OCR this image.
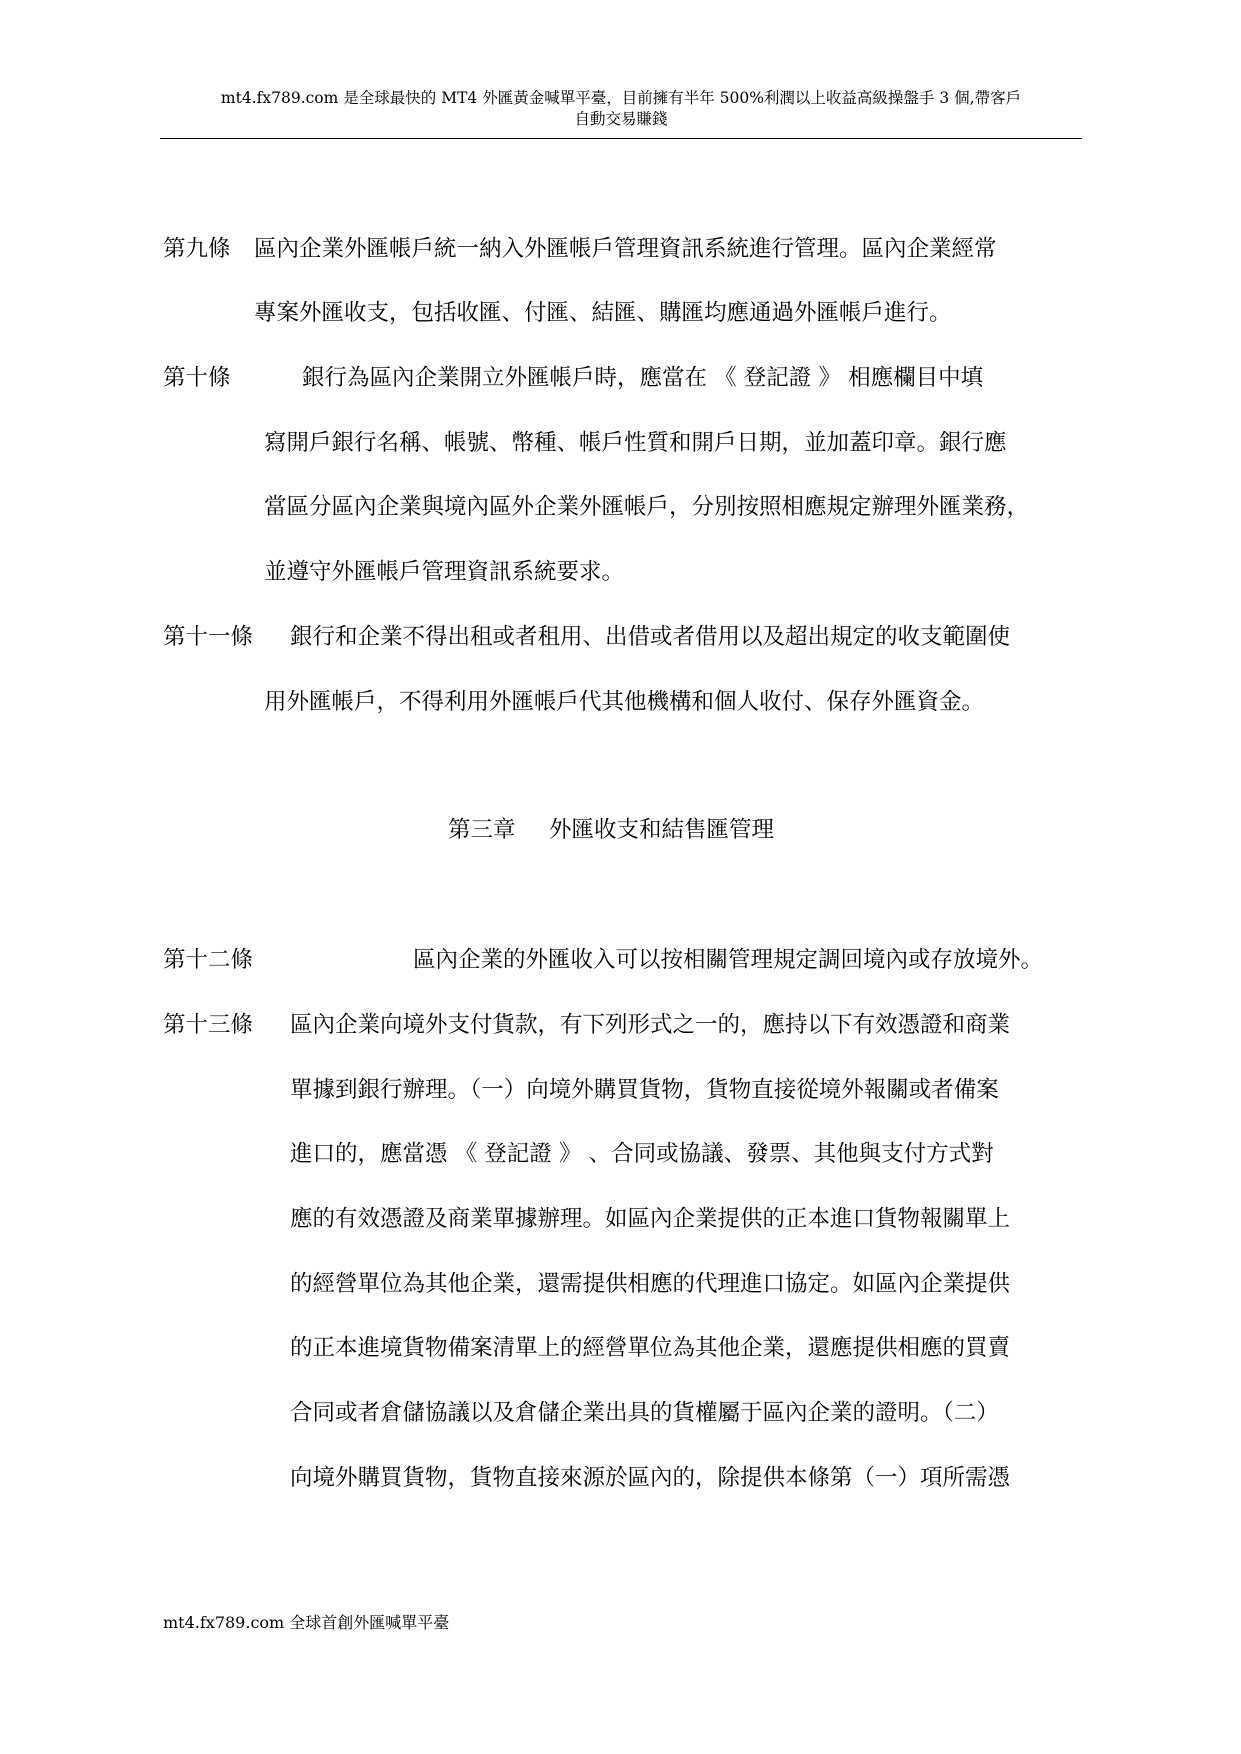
mt4.fx789.com 是全球最快的 MT4 外匯黃金喊單平臺，目前擁有半年 500%利潤以上收益高級操盤手 3 個,帶客戶
自動交易賺錢
第九條 區內企業外匯帳戶統一納入外匯帳戶管理資訊系統進行管理。區內企業經常
專案外匯收支，包括收匯、付匯、結匯、購匯均應通過外匯帳戶進行。
第十條	銀行為區內企業開立外匯帳戶時，應當在 《 登記證 》 相應欄目中填
寫開戶銀行名稱、帳號、幣種、帳戶性質和開戶日期，並加蓋印章。銀行應
當區分區內企業與境內區外企業外匯帳戶，分別按照相應規定辦理外匯業務，
並遵守外匯帳戶管理資訊系統要求。
第十一條 銀行和企業不得出租或者租用、出借或者借用以及超出規定的收支範圍使
用外匯帳戶，不得利用外匯帳戶代其他機構和個人收付、保存外匯資金。
第三章 外匯收支和結售匯管理
第十二條	區內企業的外匯收入可以按相關管理規定調回境內或存放境外。
第十三條 區內企業向境外支付貨款，有下列形式之一的，應持以下有效憑證和商業
單據到銀行辦理。（一）向境外購買貨物，貨物直接從境外報關或者備案
進口的，應當憑 《 登記證 》 、合同或協議、發票、其他與支付方式對
應的有效憑證及商業單據辦理。如區內企業提供的正本進口貨物報關單上
的經營單位為其他企業，還需提供相應的代理進口協定。如區內企業提供
的正本進境貨物備案清單上的經營單位為其他企業，還應提供相應的買賣
合同或者倉儲協議以及倉儲企業出具的貨權屬于區內企業的證明。（二）
向境外購買貨物，貨物直接來源於區內的，除提供本條第（一）項所需憑
mt4.fx789.com 全球首創外匯喊單平臺
